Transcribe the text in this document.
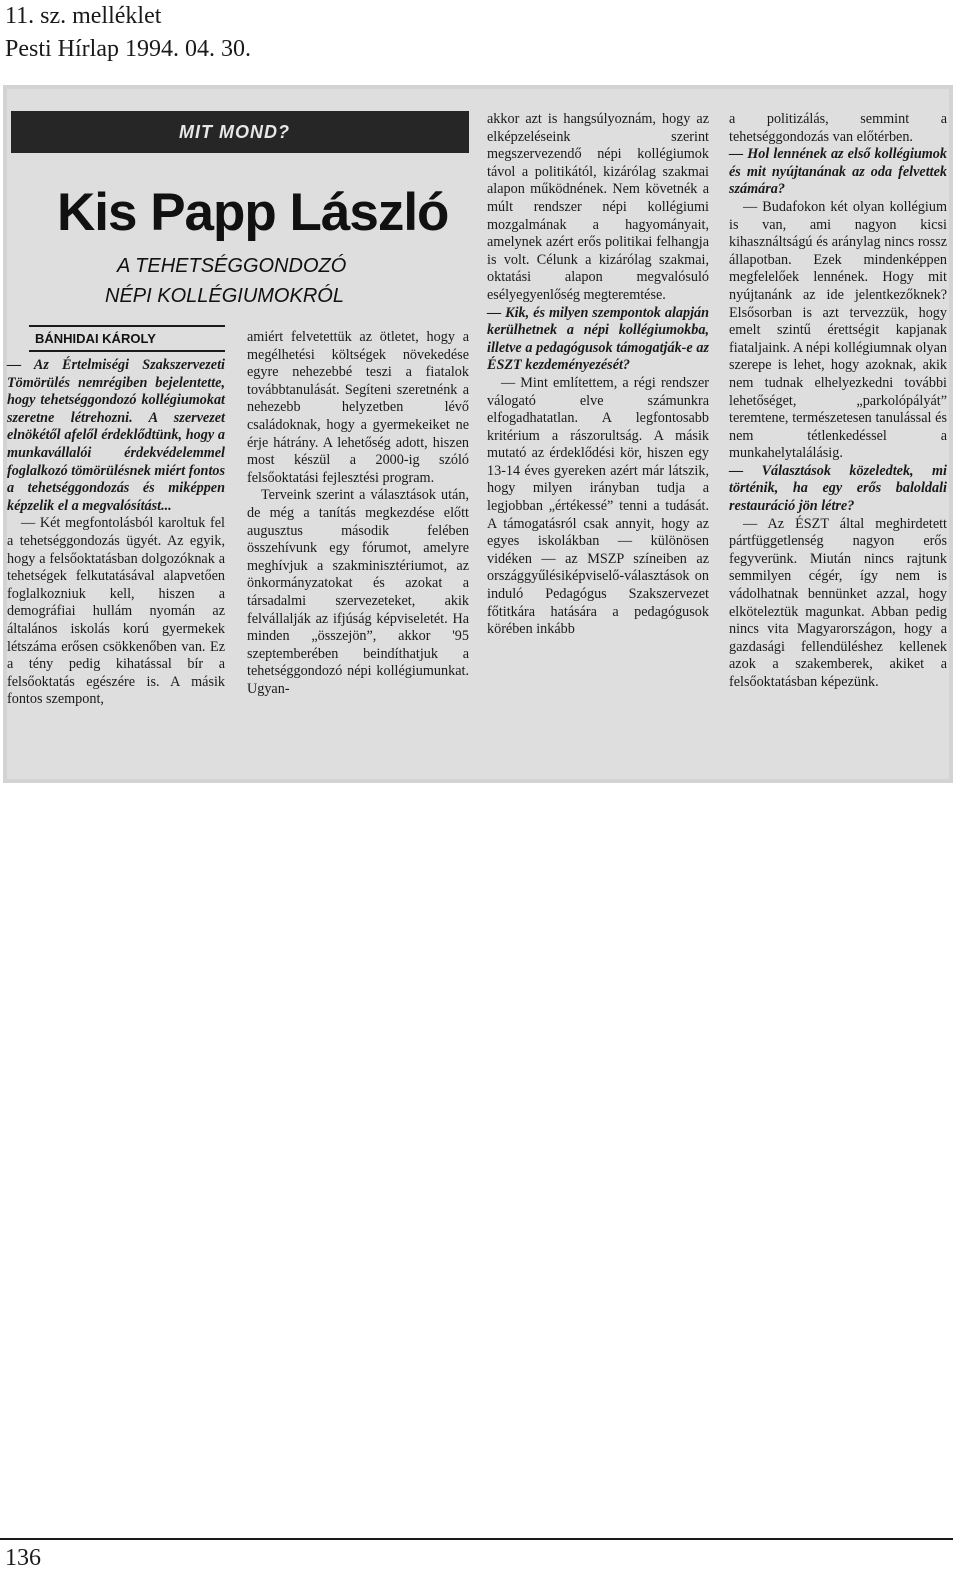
11. sz. melléklet
Pesti Hírlap 1994. 04. 30.
MIT MOND?
Kis Papp László
A TEHETSÉGGONDOZÓ
NÉPI KOLLÉGIUMOKRÓL
BÁNHIDAI KÁROLY

— Az Értelmiségi Szakszervezeti Tömörülés nemrégiben bejelentette, hogy tehetséggondozó kollégiumokat szeretne létrehozni. A szervezet elnökétől afelől érdeklődtünk, hogy a munkavállalói érdekvédelemmel foglalkozó tömörülésnek miért fontos a tehetséggondozás és miképpen képzelik el a megvalósítást...

— Két megfontolásból karoltuk fel a tehetséggondozás ügyét. Az egyik, hogy a felsőoktatásban dolgozóknak a tehetségek felkutatásával alapvetően foglalkozniuk kell, hiszen a demográfiai hullám nyomán az általános iskolás korú gyermekek létszáma erősen csökkenőben van. Ez a tény pedig kihatással bír a felsőoktatás egészére is. A másik fontos szempont,

amiért felvetettük az ötletet, hogy a megélhetési költségek növekedése egyre nehezebbé teszi a fiatalok továbbtanulását. Segíteni szeretnénk a nehezebb helyzetben lévő családoknak, hogy a gyermekeiket ne érje hátrány. A lehetőség adott, hiszen most készül a 2000-ig szóló felsőoktatási fejlesztési program.

Terveink szerint a választások után, de még a tanítás megkezdése előtt augusztus második felében összehívunk egy fórumot, amelyre meghívjuk a szakminisztériumot, az önkormányzatokat és azokat a társadalmi szervezeteket, akik felvállalják az ifjúság képviseletét. Ha minden „összejön”, akkor '95 szeptemberében beindíthatjuk a tehetséggondozó népi kollégiumunkat. Ugyan-

akkor azt is hangsúlyoznám, hogy az elképzeléseink szerint megszervezendő népi kollégiumok távol a politikától, kizárólag szakmai alapon működnének. Nem követnék a múlt rendszer népi kollégiumi mozgalmának a hagyományait, amelynek azért erős politikai felhangja is volt. Célunk a kizárólag szakmai, oktatási alapon megvalósuló esélyegyenlőség megteremtése.

— Kik, és milyen szempontok alapján kerülhetnek a népi kollégiumokba, illetve a pedagógusok támogatják-e az ÉSZT kezdeményezését?

— Mint említettem, a régi rendszer válogató elve számunkra elfogadhatatlan. A legfontosabb kritérium a rászorultság. A másik mutató az érdeklődési kör, hiszen egy 13-14 éves gyereken azért már látszik, hogy milyen irányban tudja a legjobban „értékessé” tenni a tudását. A támogatásról csak annyit, hogy az egyes iskolákban — különösen vidéken — az MSZP színeiben az országgyűlésiképviselő-választások on induló Pedagógus Szakszervezet főtitkára hatására a pedagógusok körében inkább

a politizálás, semmint a tehetséggondozás van előtérben.

— Hol lennének az első kollégiumok és mit nyújtanának az oda felvettek számára?

— Budafokon két olyan kollégium is van, ami nagyon kicsi kihasználtságú és aránylag nincs rossz állapotban. Ezek mindenképpen megfelelőek lennének. Hogy mit nyújtanánk az ide jelentkezőknek? Elsősorban is azt tervezzük, hogy emelt szintű érettségit kapjanak fiataljaink. A népi kollégiumnak olyan szerepe is lehet, hogy azoknak, akik nem tudnak elhelyezkedni további lehetőséget, „parkolópályát” teremtene, természetesen tanulással és nem tétlenkedéssel a munkahelytalálásig.

— Választások közeledtek, mi történik, ha egy erős baloldali restauráció jön létre?

— Az ÉSZT által meghirdetett pártfüggetlenség nagyon erős fegyverünk. Miután nincs rajtunk semmilyen cégér, így nem is vádolhatnak bennünket azzal, hogy elköteleztük magunkat. Abban pedig nincs vita Magyarországon, hogy a gazdasági fellendüléshez kellenek azok a szakemberek, akiket a felsőoktatásban képezünk.

136
